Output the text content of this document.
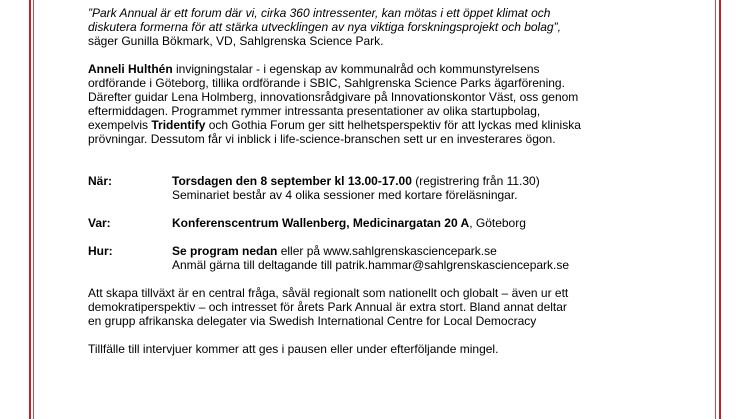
”Park Annual är ett forum där vi, cirka 360 intressenter, kan mötas i ett öppet klimat och

diskutera formerna för att stärka utvecklingen av nya viktiga forskningsprojekt och bolag”,

säger Gunilla Bökmark, VD, Sahlgrenska Science Park.

Anneli Hulthén invigningstalar - i egenskap av kommunalråd och kommunstyrelsens

ordförande i Göteborg, tillika ordförande i SBIC, Sahlgrenska Science Parks ägarförening.

Därefter guidar Lena Holmberg, innovationsrådgivare på Innovationskontor Väst, oss genom

eftermiddagen. Programmet rymmer intressanta presentationer av olika startupbolag,

exempelvis Tridentify och Gothia Forum ger sitt helhetsperspektiv för att lyckas med kliniska

prövningar. Dessutom får vi inblick i life-science-branschen sett ur en investerares ögon.

När:	Torsdagen den 8 september kl 13.00-17.00 (registrering från 11.30)

Seminariet består av 4 olika sessioner med kortare föreläsningar.

Var:	Konferenscentrum Wallenberg, Medicinargatan 20 A, Göteborg

Hur:	Se program nedan eller på www.sahlgrenskasciencepark.se

Anmäl gärna till deltagande till patrik.hammar@sahlgrenskasciencepark.se

Att skapa tillväxt är en central fråga, såväl regionalt som nationellt och globalt – även ur ett

demokratiperspektiv – och intresset för årets Park Annual är extra stort. Bland annat deltar

en grupp afrikanska delegater via Swedish International Centre for Local Democracy

Tillfälle till intervjuer kommer att ges i pausen eller under efterföljande mingel.
